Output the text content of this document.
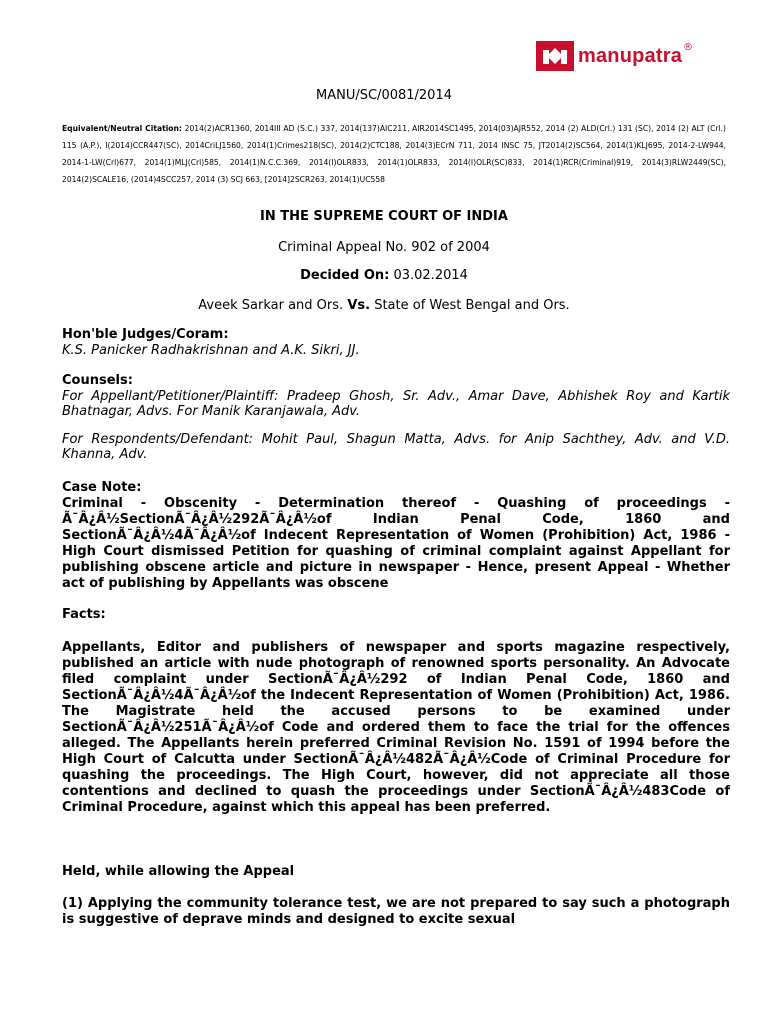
manupatra ®
MANU/SC/0081/2014
Equivalent/Neutral Citation: 2014(2)ACR1360, 2014III AD (S.C.) 337, 2014(137)AIC211, AIR2014SC1495, 2014(03)AJR552, 2014 (2) ALD(Crl.) 131 (SC), 2014 (2) ALT (Crl.) 115 (A.P.), I(2014)CCR447(SC), 2014CriLJ1560, 2014(1)Crimes218(SC), 2014(2)CTC188, 2014(3)ECrN 711, 2014 INSC 75, JT2014(2)SC564, 2014(1)KLJ695, 2014-2-LW944, 2014-1-LW(Crl)677, 2014(1)MLJ(Crl)585, 2014(1)N.C.C.369, 2014(I)OLR833, 2014(1)OLR833, 2014(I)OLR(SC)833, 2014(1)RCR(Criminal)919, 2014(3)RLW2449(SC), 2014(2)SCALE16, (2014)4SCC257, 2014 (3) SCJ 663, [2014]2SCR263, 2014(1)UC558
IN THE SUPREME COURT OF INDIA
Criminal Appeal No. 902 of 2004
Decided On: 03.02.2014
Aveek Sarkar and Ors. Vs. State of West Bengal and Ors.
Hon'ble Judges/Coram:
K.S. Panicker Radhakrishnan and A.K. Sikri, JJ.
Counsels:
For Appellant/Petitioner/Plaintiff: Pradeep Ghosh, Sr. Adv., Amar Dave, Abhishek Roy and Kartik Bhatnagar, Advs. For Manik Karanjawala, Adv.
For Respondents/Defendant: Mohit Paul, Shagun Matta, Advs. for Anip Sachthey, Adv. and V.D. Khanna, Adv.
Case Note:
Criminal - Obscenity - Determination thereof - Quashing of proceedings - Ã¯Â¿Â½SectionÃ¯Â¿Â½292Ã¯Â¿Â½of Indian Penal Code, 1860 and SectionÃ¯Â¿Â½4Ã¯Â¿Â½of Indecent Representation of Women (Prohibition) Act, 1986 - High Court dismissed Petition for quashing of criminal complaint against Appellant for publishing obscene article and picture in newspaper - Hence, present Appeal - Whether act of publishing by Appellants was obscene
Facts:
Appellants, Editor and publishers of newspaper and sports magazine respectively, published an article with nude photograph of renowned sports personality. An Advocate filed complaint under SectionÃ¯Â¿Â½292 of Indian Penal Code, 1860 and SectionÃ¯Â¿Â½4Ã¯Â¿Â½of the Indecent Representation of Women (Prohibition) Act, 1986. The Magistrate held the accused persons to be examined under SectionÃ¯Â¿Â½251Ã¯Â¿Â½of Code and ordered them to face the trial for the offences alleged. The Appellants herein preferred Criminal Revision No. 1591 of 1994 before the High Court of Calcutta under SectionÃ¯Â¿Â½482Ã¯Â¿Â½Code of Criminal Procedure for quashing the proceedings. The High Court, however, did not appreciate all those contentions and declined to quash the proceedings under SectionÃ¯Â¿Â½483Code of Criminal Procedure, against which this appeal has been preferred.
Held, while allowing the Appeal
(1) Applying the community tolerance test, we are not prepared to say such a photograph is suggestive of deprave minds and designed to excite sexual
